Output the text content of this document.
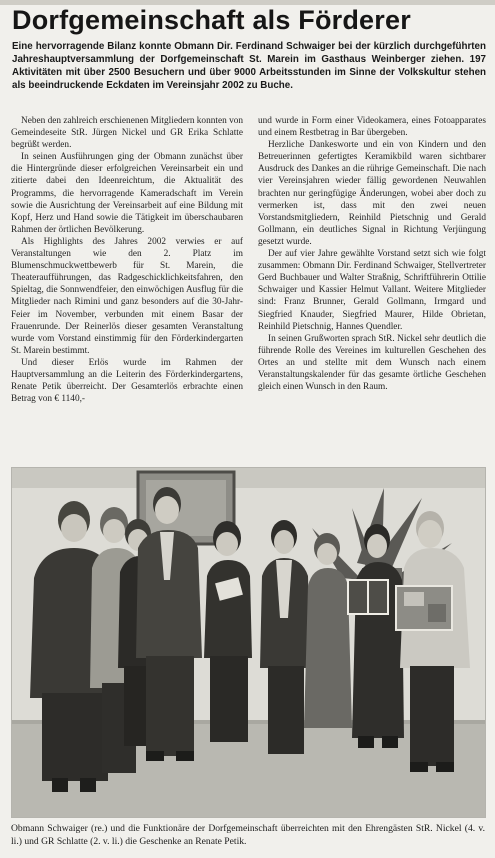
Dorfgemeinschaft als Förderer
Eine hervorragende Bilanz konnte Obmann Dir. Ferdinand Schwaiger bei der kürzlich durchgeführten Jahreshauptversammlung der Dorfgemeinschaft St. Marein im Gasthaus Weinberger ziehen. 197 Aktivitäten mit über 2500 Besuchern und über 9000 Arbeitsstunden im Sinne der Volkskultur stehen als beeindruckende Eckdaten im Vereinsjahr 2002 zu Buche.

Neben den zahlreich erschienenen Mitgliedern konnten von Gemeindeseite StR. Jürgen Nickel und GR Erika Schlatte begrüßt werden.

In seinen Ausführungen ging der Obmann zunächst über die Hintergründe dieser erfolgreichen Vereinsarbeit ein und zitierte dabei den Ideenreichtum, die Aktualität des Programms, die hervorragende Kameradschaft im Verein sowie die Ausrichtung der Vereinsarbeit auf eine Bildung mit Kopf, Herz und Hand sowie die Tätigkeit im überschaubaren Rahmen der örtlichen Bevölkerung.

Als Highlights des Jahres 2002 verwies er auf Veranstaltungen wie den 2. Platz im Blumenschmuckwettbewerb für St. Marein, die Theateraufführungen, das Radgeschicklichkeitsfahren, den Spieltag, die Sonnwendfeier, den einwöchigen Ausflug für die Mitglieder nach Rimini und ganz besonders auf die 30-Jahr-Feier im November, verbunden mit einem Basar der Frauenrunde. Der Reinerlös dieser gesamten Veranstaltung wurde vom Vorstand einstimmig für den Förderkindergarten St. Marein bestimmt.

Und dieser Erlös wurde im Rahmen der Hauptversammlung an die Leiterin des Förderkindergartens, Renate Petik überreicht. Der Gesamterlös erbrachte einen Betrag von € 1140,-

und wurde in Form einer Videokamera, eines Fotoapparates und einem Restbetrag in Bar übergeben.

Herzliche Dankesworte und ein von Kindern und den Betreuerinnen gefertigtes Keramikbild waren sichtbarer Ausdruck des Dankes an die rührige Gemeinschaft. Die nach vier Vereinsjahren wieder fällig gewordenen Neuwahlen brachten nur geringfügige Änderungen, wobei aber doch zu vermerken ist, dass mit den zwei neuen Vorstandsmitgliedern, Reinhild Pietschnig und Gerald Gollmann, ein deutliches Signal in Richtung Verjüngung gesetzt wurde.

Der auf vier Jahre gewählte Vorstand setzt sich wie folgt zusammen: Obmann Dir. Ferdinand Schwaiger, Stellvertreter Gerd Buchbauer und Walter Straßnig, Schriftführerin Ottilie Schwaiger und Kassier Helmut Vallant. Weitere Mitglieder sind: Franz Brunner, Gerald Gollmann, Irmgard und Siegfried Knauder, Siegfried Maurer, Hilde Obrietan, Reinhild Pietschnig, Hannes Quendler.

In seinen Grußworten sprach StR. Nickel sehr deutlich die führende Rolle des Vereines im kulturellen Geschehen des Ortes an und stellte mit dem Wunsch nach einem Veranstaltungskalender für das gesamte örtliche Geschehen gleich einen Wunsch in den Raum.

Obmann Schwaiger (re.) und die Funktionäre der Dorfgemeinschaft überreichten mit den Ehrengästen StR. Nickel (4. v. li.) und GR Schlatte (2. v. li.) die Geschenke an Renate Petik.
